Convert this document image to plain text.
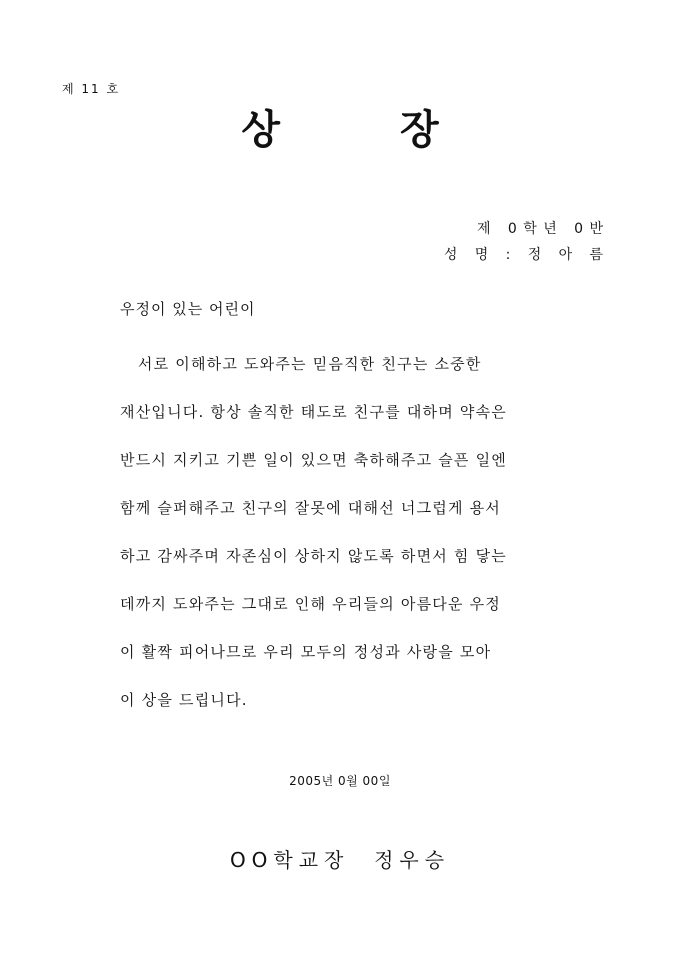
제 11 호
상	장
제   0 학 년   0 반
성   명   :   정   아   름
우정이 있는 어린이
서로 이해하고 도와주는 믿음직한 친구는 소중한
재산입니다. 항상 솔직한 태도로 친구를 대하며 약속은
반드시 지키고 기쁜 일이 있으면 축하해주고 슬픈 일엔
함께 슬퍼해주고 친구의 잘못에 대해선 너그럽게 용서
하고 감싸주며 자존심이 상하지 않도록 하면서 힘 닿는
데까지 도와주는 그대로 인해 우리들의 아름다운 우정
이 활짝 피어나므로 우리 모두의 정성과 사랑을 모아
이 상을 드립니다.
2005년 0월 00일
OO학교장  정우승
